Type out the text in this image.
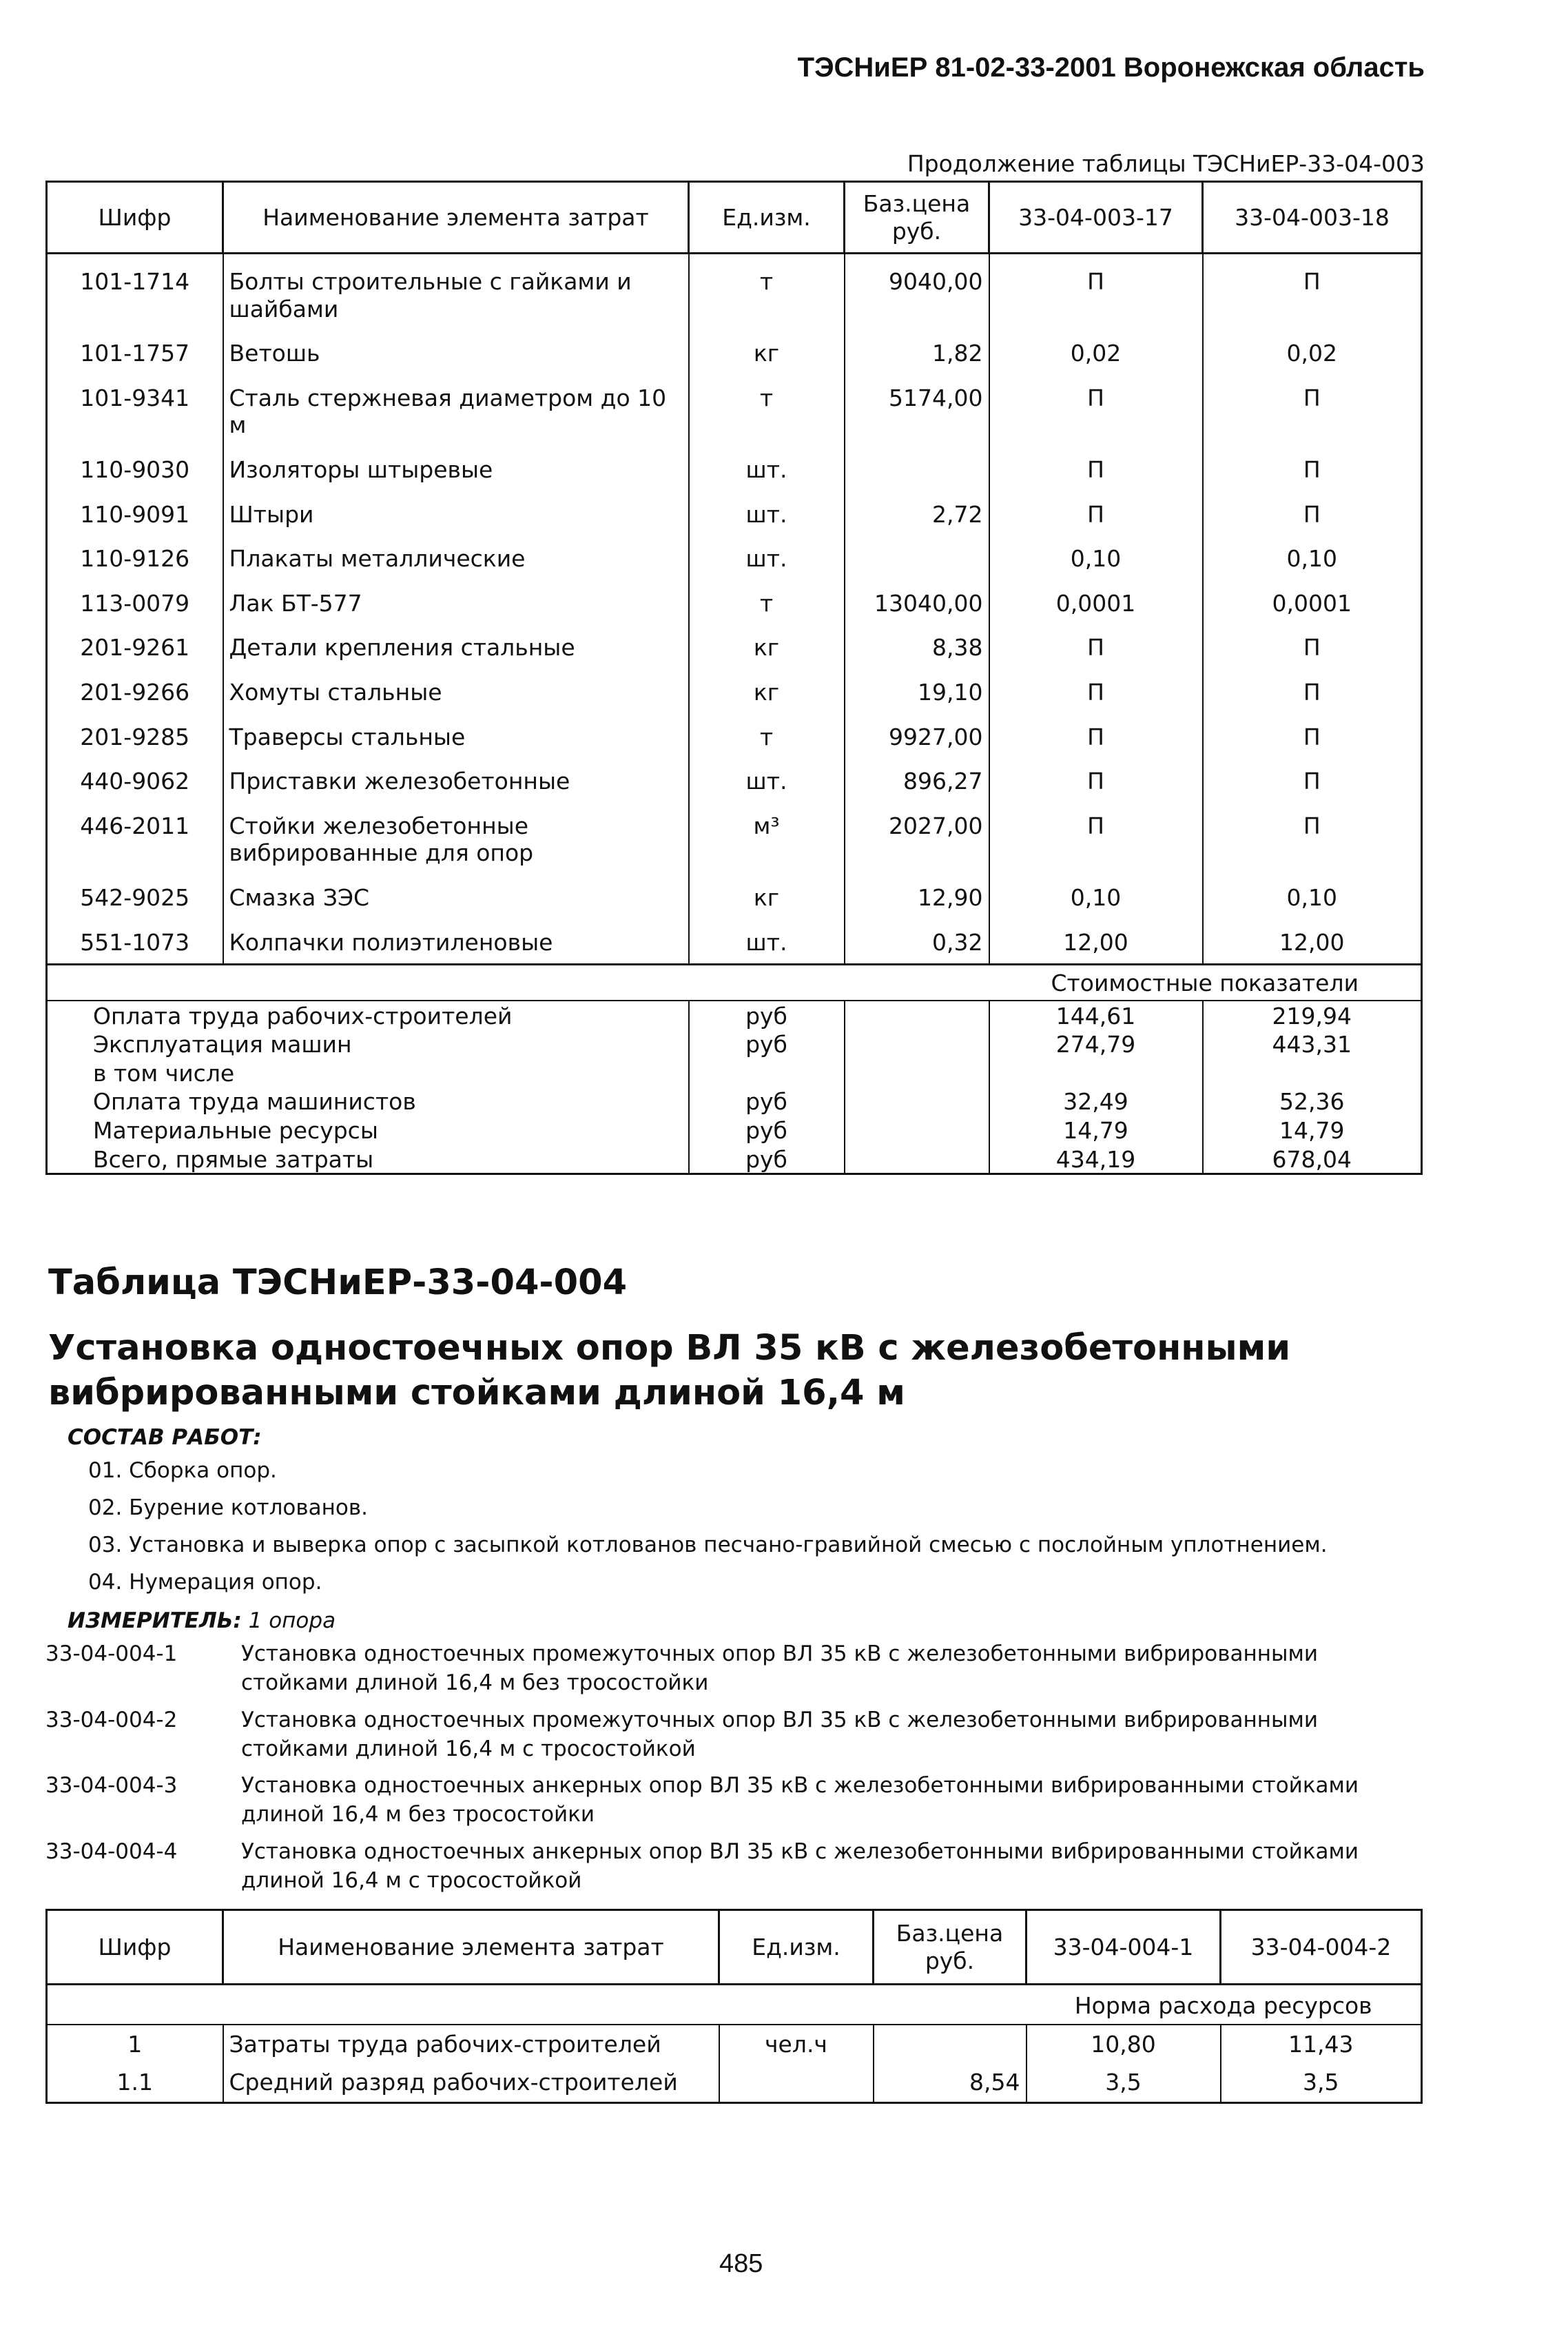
ТЭСНиЕР 81-02-33-2001 Воронежская область
Продолжение таблицы ТЭСНиЕР-33-04-003
Шифр	Наименование элемента затрат	Ед.изм.	Баз.цена руб.	33-04-003-17	33-04-003-18
101-1714	Болты строительные с гайками и шайбами	т	9040,00	П	П
101-1757	Ветошь	кг	1,82	0,02	0,02
101-9341	Сталь стержневая диаметром до 10 м	т	5174,00	П	П
110-9030	Изоляторы штыревые	шт.		П	П
110-9091	Штыри	шт.	2,72	П	П
110-9126	Плакаты металлические	шт.		0,10	0,10
113-0079	Лак БТ-577	т	13040,00	0,0001	0,0001
201-9261	Детали крепления стальные	кг	8,38	П	П
201-9266	Хомуты стальные	кг	19,10	П	П
201-9285	Траверсы стальные	т	9927,00	П	П
440-9062	Приставки железобетонные	шт.	896,27	П	П
446-2011	Стойки железобетонные вибрированные для опор	м³	2027,00	П	П
542-9025	Смазка ЗЭС	кг	12,90	0,10	0,10
551-1073	Колпачки полиэтиленовые	шт.	0,32	12,00	12,00
				Стоимостные показатели	
Оплата труда рабочих-строителей		руб		144,61	219,94
Эксплуатация машин		руб		274,79	443,31
в том числе					
Оплата труда машинистов		руб		32,49	52,36
Материальные ресурсы		руб		14,79	14,79
Всего, прямые затраты		руб		434,19	678,04
Таблица ТЭСНиЕР-33-04-004
Установка одностоечных опор ВЛ 35 кВ с железобетонными вибрированными стойками длиной 16,4 м
СОСТАВ РАБОТ:
01. Сборка опор.
02. Бурение котлованов.
03. Установка и выверка опор с засыпкой котлованов песчано-гравийной смесью с послойным уплотнением.
04. Нумерация опор.
ИЗМЕРИТЕЛЬ: 1 опора
33-04-004-1	Установка одностоечных промежуточных опор ВЛ 35 кВ с железобетонными вибрированными стойками длиной 16,4 м без тросостойки
33-04-004-2	Установка одностоечных промежуточных опор ВЛ 35 кВ с железобетонными вибрированными стойками длиной 16,4 м с тросостойкой
33-04-004-3	Установка одностоечных анкерных опор ВЛ 35 кВ с железобетонными вибрированными стойками длиной 16,4 м без тросостойки
33-04-004-4	Установка одностоечных анкерных опор ВЛ 35 кВ с железобетонными вибрированными стойками длиной 16,4 м с тросостойкой
Шифр	Наименование элемента затрат	Ед.изм.	Баз.цена руб.	33-04-004-1	33-04-004-2
				Норма расхода ресурсов	
1	Затраты труда рабочих-строителей	чел.ч		10,80	11,43
1.1	Средний разряд рабочих-строителей		8,54	3,5	3,5
485
